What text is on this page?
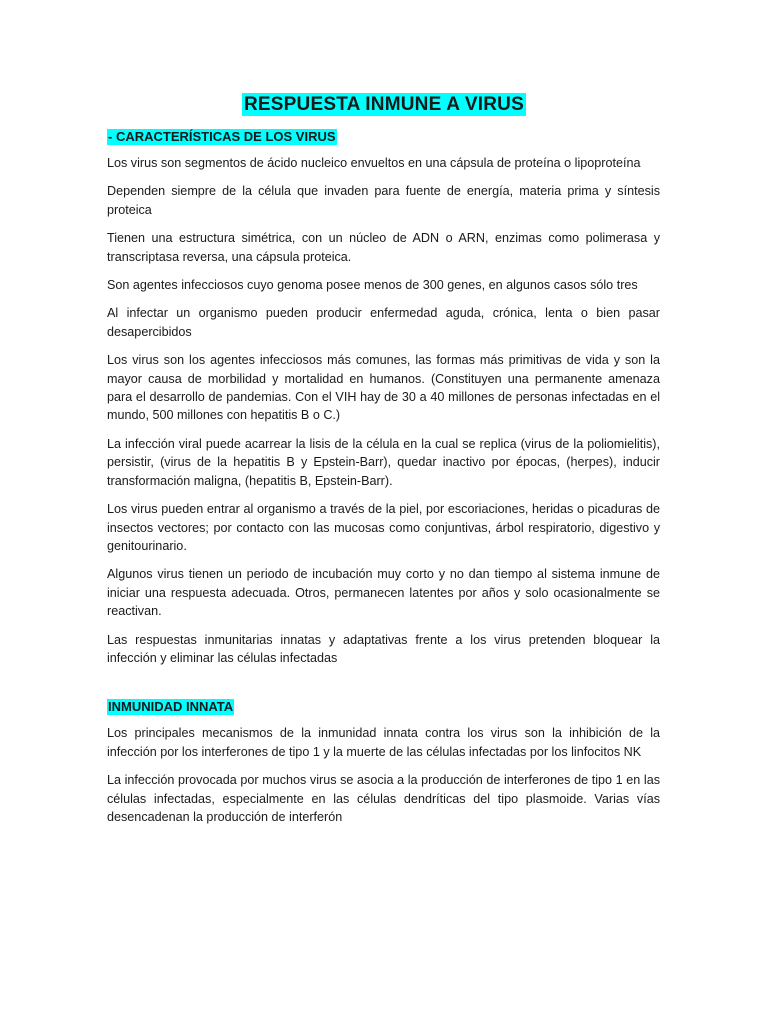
RESPUESTA INMUNE A VIRUS
- CARACTERÍSTICAS DE LOS VIRUS

Los virus son segmentos de ácido nucleico envueltos en una cápsula de proteína o lipoproteína

Dependen siempre de la célula que invaden para fuente de energía, materia prima y síntesis proteica

Tienen una estructura simétrica, con un núcleo de ADN o ARN, enzimas como polimerasa y transcriptasa reversa, una cápsula proteica.

Son agentes infecciosos cuyo genoma posee menos de 300 genes, en algunos casos sólo tres

Al infectar un organismo pueden producir enfermedad aguda, crónica, lenta o bien pasar desapercibidos

Los virus son los agentes infecciosos más comunes, las formas más primitivas de vida y son la mayor causa de morbilidad y mortalidad en humanos. (Constituyen una permanente amenaza para el desarrollo de pandemias. Con el VIH hay de 30 a 40 millones de personas infectadas en el mundo, 500 millones con hepatitis B o C.)

La infección viral puede acarrear la lisis de la célula en la cual se replica (virus de la poliomielitis), persistir, (virus de la hepatitis B y Epstein-Barr), quedar inactivo por épocas, (herpes), inducir transformación maligna, (hepatitis B, Epstein-Barr).

Los virus pueden entrar al organismo a través de la piel, por escoriaciones, heridas o picaduras de insectos vectores; por contacto con las mucosas como conjuntivas, árbol respiratorio, digestivo y genitourinario.

Algunos virus tienen un periodo de incubación muy corto y no dan tiempo al sistema inmune de iniciar una respuesta adecuada. Otros, permanecen latentes por años y solo ocasionalmente se reactivan.

Las respuestas inmunitarias innatas y adaptativas frente a los virus pretenden bloquear la infección y eliminar las células infectadas

INMUNIDAD INNATA

Los principales mecanismos de la inmunidad innata contra los virus son la inhibición de la infección por los interferones de tipo 1 y la muerte de las células infectadas por los linfocitos NK

La infección provocada por muchos virus se asocia a la producción de interferones de tipo 1 en las células infectadas, especialmente en las células dendríticas del tipo plasmoide. Varias vías desencadenan la producción de interferón
